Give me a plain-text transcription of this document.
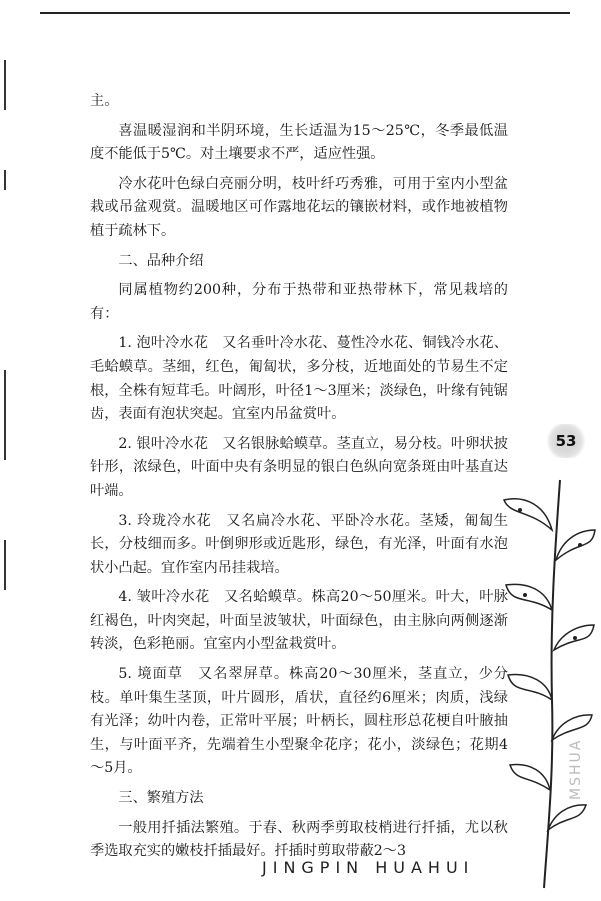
主。

喜温暖湿润和半阴环境，生长适温为15～25℃，冬季最低温度不能低于5℃。对土壤要求不严，适应性强。

冷水花叶色绿白亮丽分明，枝叶纤巧秀雅，可用于室内小型盆栽或吊盆观赏。温暖地区可作露地花坛的镶嵌材料，或作地被植物植于疏林下。

二、品种介绍

同属植物约200种，分布于热带和亚热带林下，常见栽培的有：

1. 泡叶冷水花　又名垂叶冷水花、蔓性冷水花、铜钱冷水花、毛蛤蟆草。茎细，红色，匍匐状，多分枝，近地面处的节易生不定根，全株有短茸毛。叶阔形，叶径1～3厘米；淡绿色，叶缘有钝锯齿，表面有泡状突起。宜室内吊盆赏叶。

2. 银叶冷水花　又名银脉蛤蟆草。茎直立，易分枝。叶卵状披针形，浓绿色，叶面中央有条明显的银白色纵向宽条斑由叶基直达叶端。

3. 玲珑冷水花　又名扁冷水花、平卧冷水花。茎矮，匍匐生长，分枝细而多。叶倒卵形或近匙形，绿色，有光泽，叶面有水泡状小凸起。宜作室内吊挂栽培。

4. 皱叶冷水花　又名蛤蟆草。株高20～50厘米。叶大，叶脉红褐色，叶肉突起，叶面呈波皱状，叶面绿色，由主脉向两侧逐渐转淡，色彩艳丽。宜室内小型盆栽赏叶。

5. 境面草　又名翠屏草。株高20～30厘米，茎直立，少分枝。单叶集生茎顶，叶片圆形，盾状，直径约6厘米；肉质，浅绿有光泽；幼叶内卷，正常叶平展；叶柄长，圆柱形总花梗自叶腋抽生，与叶面平齐，先端着生小型聚伞花序；花小，淡绿色；花期4～5月。

三、繁殖方法

一般用扦插法繁殖。于春、秋两季剪取枝梢进行扦插，尤以秋季选取充实的嫩枝扦插最好。扦插时剪取带蔽2～3

53
JINGPIN HUAHUI
MSHUA
